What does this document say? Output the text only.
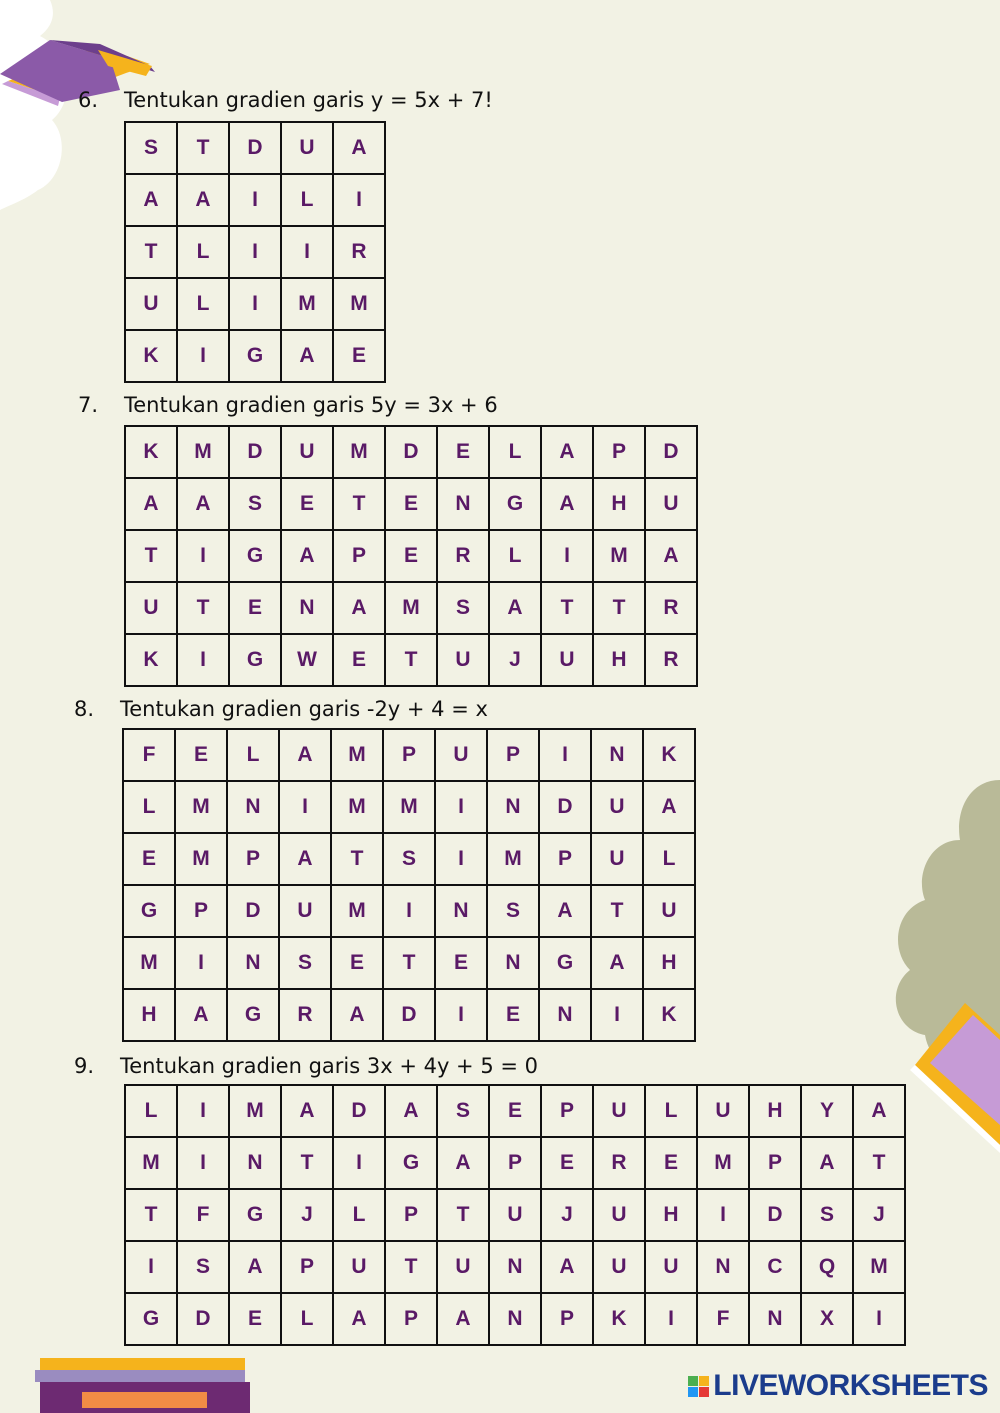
6. Tentukan gradien garis y = 5x + 7!
S	T	D	U	A
A	A	I	L	I
T	L	I	I	R
U	L	I	M	M
K	I	G	A	E
7. Tentukan gradien garis 5y = 3x + 6
K	M	D	U	M	D	E	L	A	P	D
A	A	S	E	T	E	N	G	A	H	U
T	I	G	A	P	E	R	L	I	M	A
U	T	E	N	A	M	S	A	T	T	R
K	I	G	W	E	T	U	J	U	H	R
8. Tentukan gradien garis -2y + 4 = x
F	E	L	A	M	P	U	P	I	N	K
L	M	N	I	M	M	I	N	D	U	A
E	M	P	A	T	S	I	M	P	U	L
G	P	D	U	M	I	N	S	A	T	U
M	I	N	S	E	T	E	N	G	A	H
H	A	G	R	A	D	I	E	N	I	K
9. Tentukan gradien garis 3x + 4y + 5 = 0
L	I	M	A	D	A	S	E	P	U	L	U	H	Y	A
M	I	N	T	I	G	A	P	E	R	E	M	P	A	T
T	F	G	J	L	P	T	U	J	U	H	I	D	S	J
I	S	A	P	U	T	U	N	A	U	U	N	C	Q	M
G	D	E	L	A	P	A	N	P	K	I	F	N	X	I
LIVEWORKSHEETS
